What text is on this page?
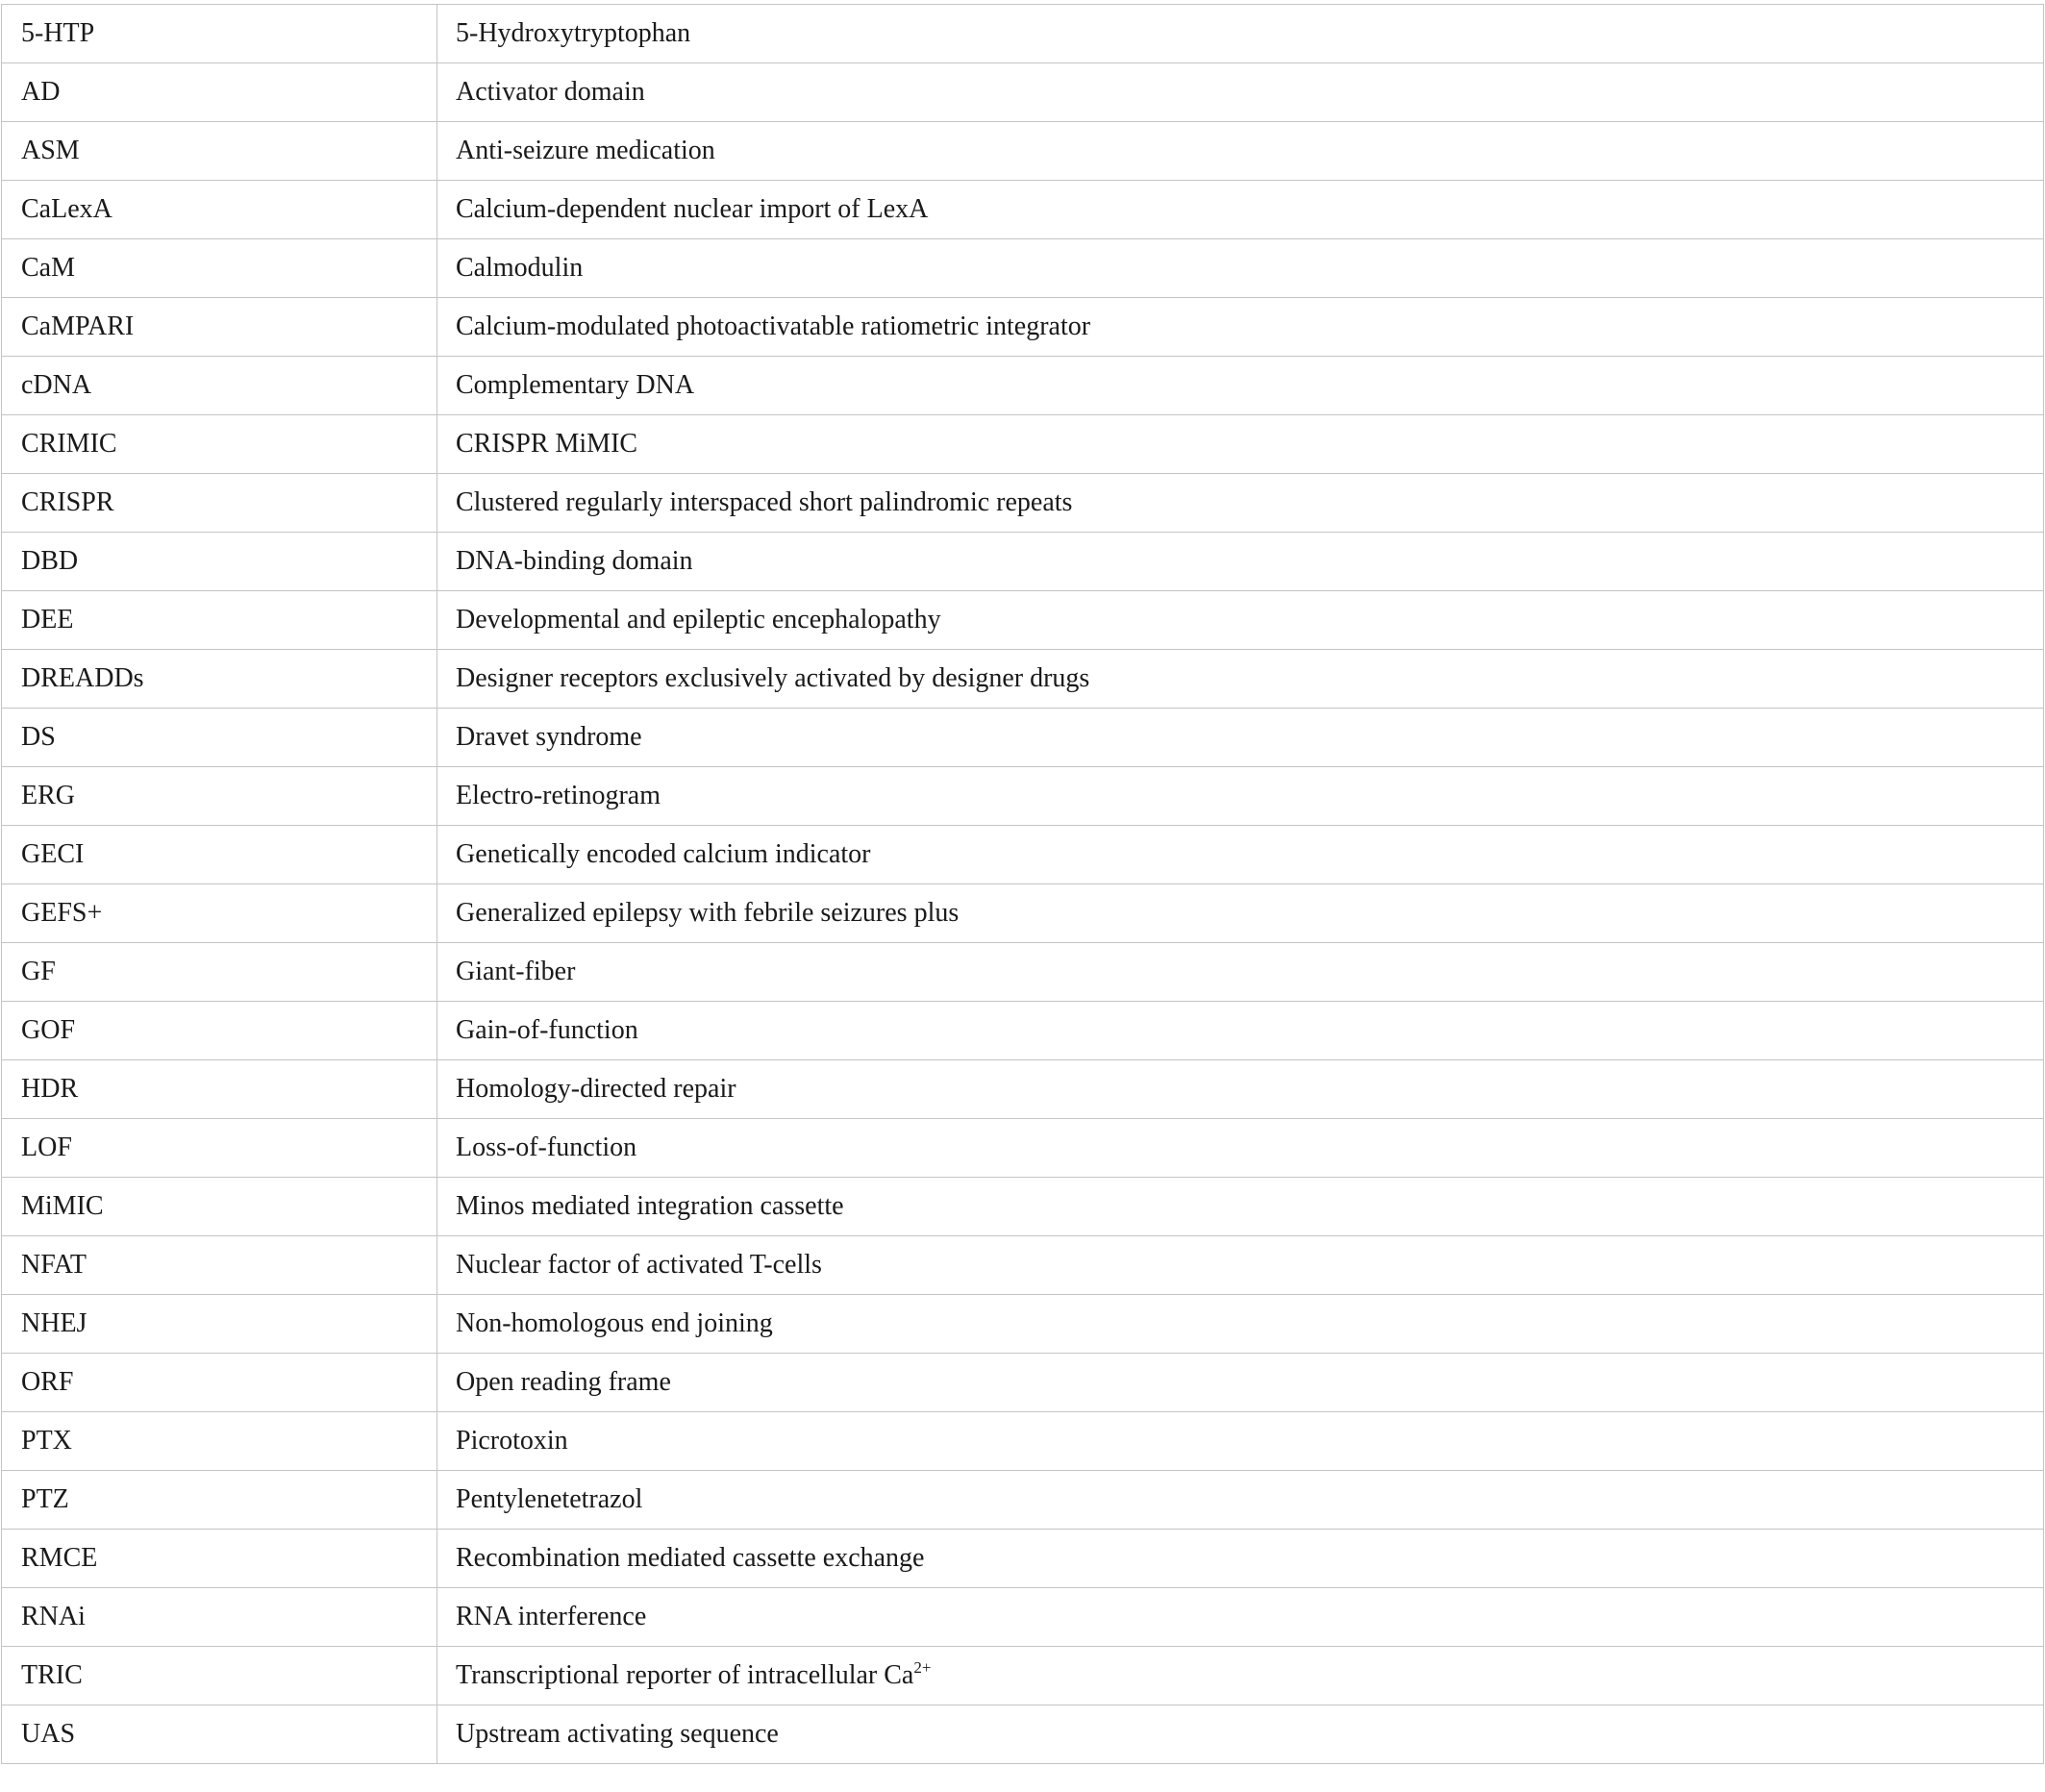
5-HTP	5-Hydroxytryptophan
AD	Activator domain
ASM	Anti-seizure medication
CaLexA	Calcium-dependent nuclear import of LexA
CaM	Calmodulin
CaMPARI	Calcium-modulated photoactivatable ratiometric integrator
cDNA	Complementary DNA
CRIMIC	CRISPR MiMIC
CRISPR	Clustered regularly interspaced short palindromic repeats
DBD	DNA-binding domain
DEE	Developmental and epileptic encephalopathy
DREADDs	Designer receptors exclusively activated by designer drugs
DS	Dravet syndrome
ERG	Electro-retinogram
GECI	Genetically encoded calcium indicator
GEFS+	Generalized epilepsy with febrile seizures plus
GF	Giant-fiber
GOF	Gain-of-function
HDR	Homology-directed repair
LOF	Loss-of-function
MiMIC	Minos mediated integration cassette
NFAT	Nuclear factor of activated T-cells
NHEJ	Non-homologous end joining
ORF	Open reading frame
PTX	Picrotoxin
PTZ	Pentylenetetrazol
RMCE	Recombination mediated cassette exchange
RNAi	RNA interference
TRIC	Transcriptional reporter of intracellular $Ca^{2+}$
UAS	Upstream activating sequence
